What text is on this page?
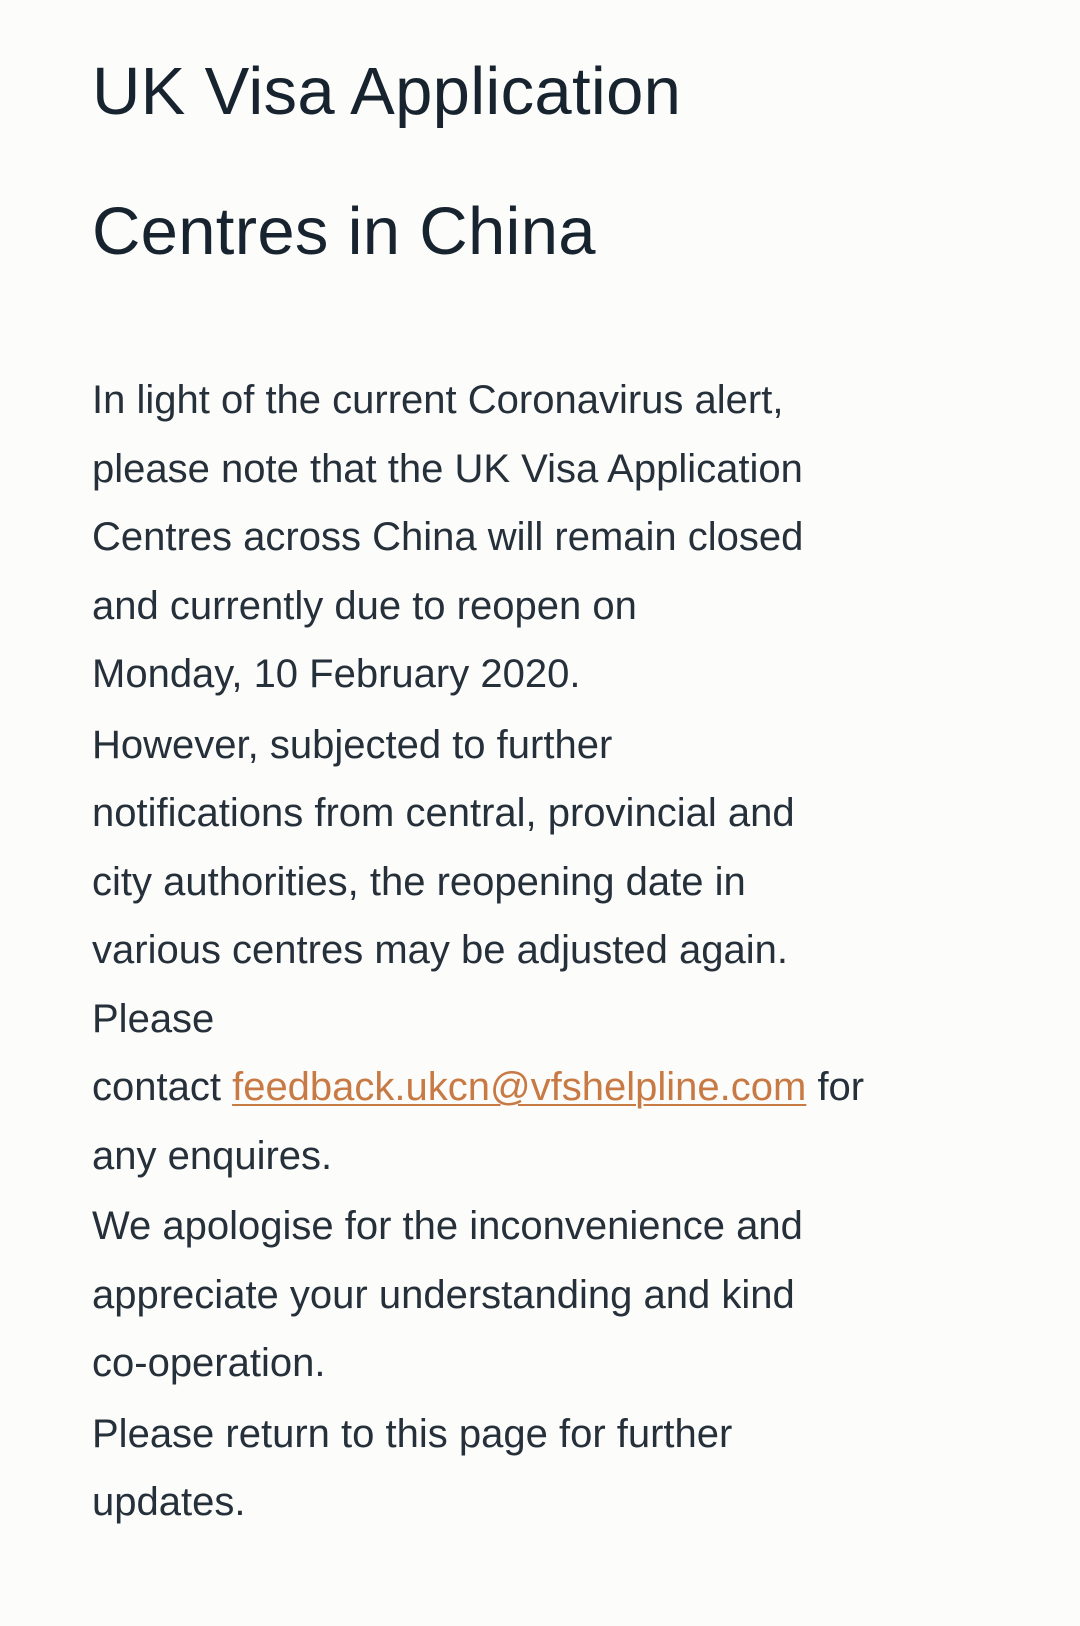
UK Visa Application
Centres in China

In light of the current Coronavirus alert,
please note that the UK Visa Application
Centres across China will remain closed
and currently due to reopen on
Monday, 10 February 2020.

However, subjected to further
notifications from central, provincial and
city authorities, the reopening date in
various centres may be adjusted again.
Please
contact feedback.ukcn@vfshelpline.com for
any enquires.

We apologise for the inconvenience and
appreciate your understanding and kind
co-operation.

Please return to this page for further
updates.
